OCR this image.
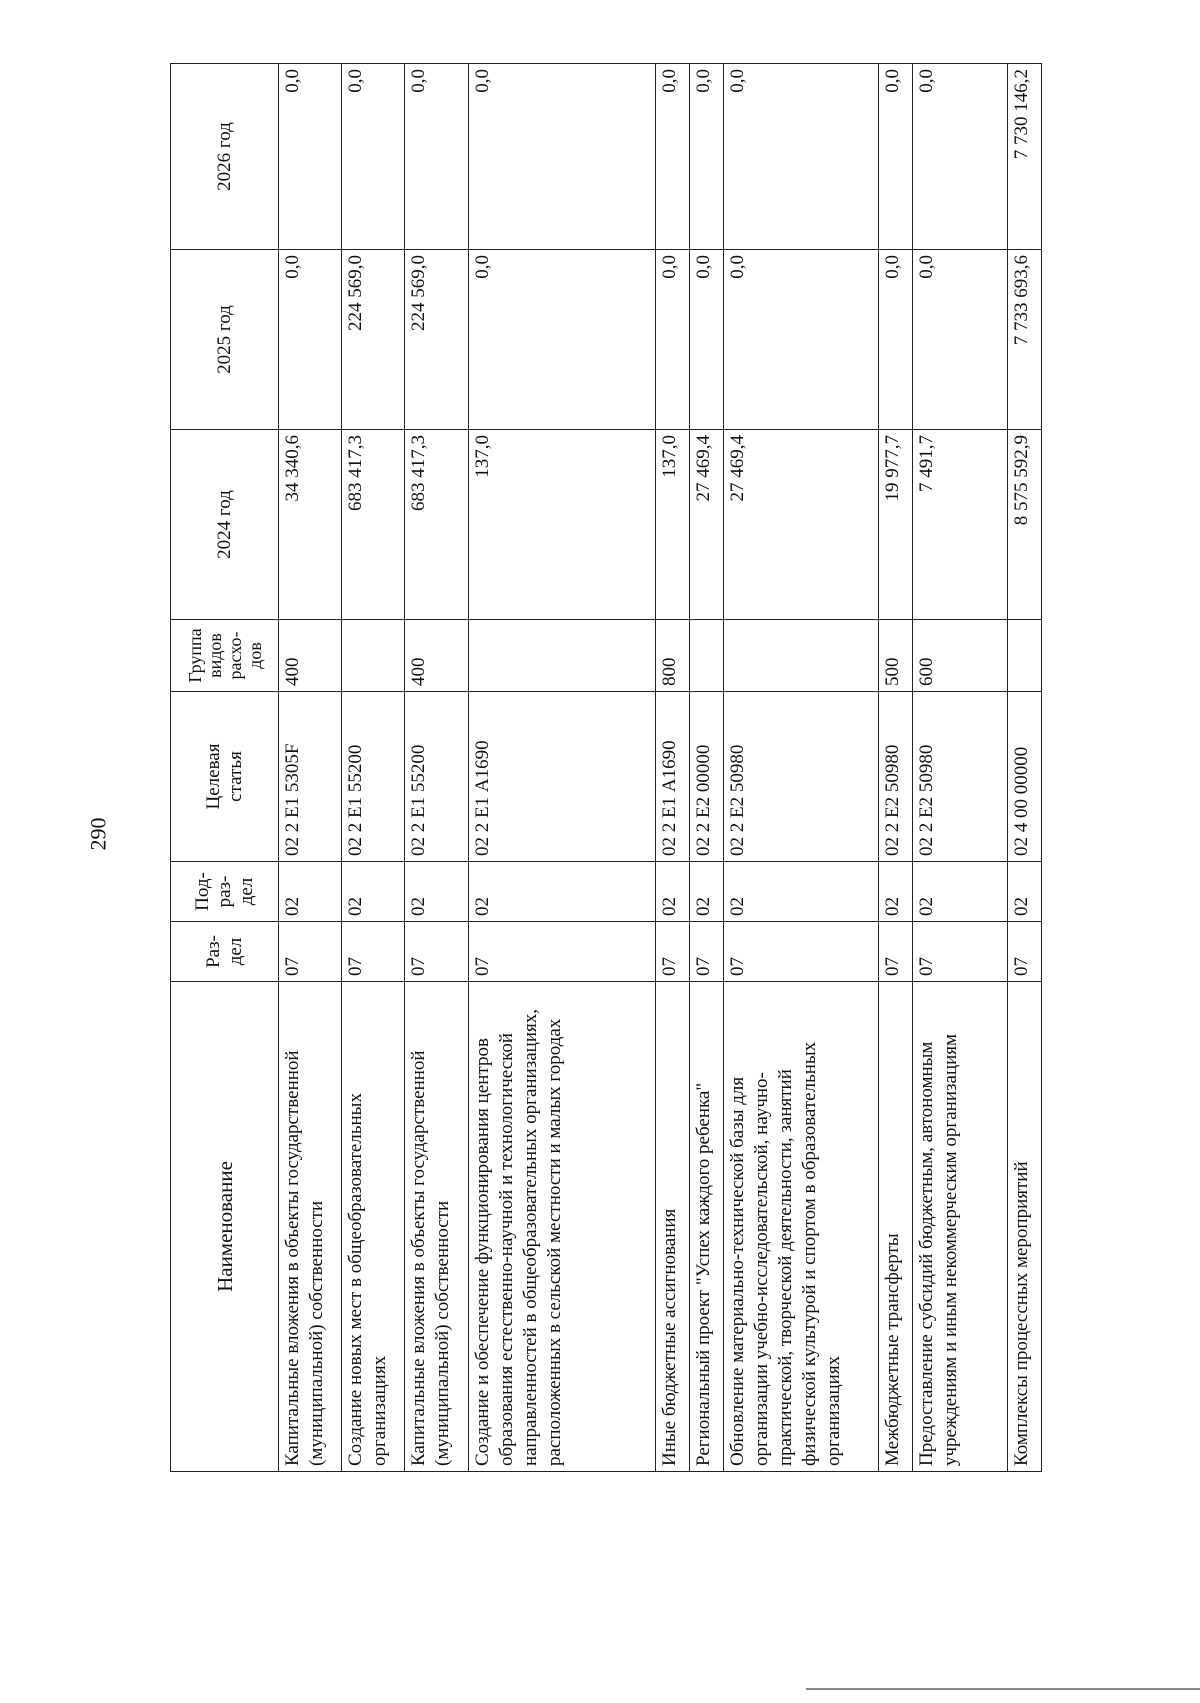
290
Наименование	Раз-
дел	Под-
раз-
дел	Целевая
статья	Группа
видов
расхо-
дов	2024 год	2025 год	2026 год
Капитальные вложения в объекты государственной (муниципальной) собственности	07	02	02 2 Е1 5305F	400	34 340,6	0,0	0,0
Создание новых мест в общеобразовательных организациях	07	02	02 2 Е1 55200		683 417,3	224 569,0	0,0
Капитальные вложения в объекты государственной (муниципальной) собственности	07	02	02 2 Е1 55200	400	683 417,3	224 569,0	0,0
Создание и обеспечение функционирования центров образования естественно-научной и технологической направленностей в общеобразовательных организациях, расположенных в сельской местности и малых городах	07	02	02 2 Е1 А1690		137,0	0,0	0,0
Иные бюджетные ассигнования	07	02	02 2 Е1 А1690	800	137,0	0,0	0,0
Региональный проект "Успех каждого ребенка"	07	02	02 2 Е2 00000		27 469,4	0,0	0,0
Обновление материально-технической базы для организации учебно-исследовательской, научно-практической, творческой деятельности, занятий физической культурой и спортом в образовательных организациях	07	02	02 2 Е2 50980		27 469,4	0,0	0,0
Межбюджетные трансферты	07	02	02 2 Е2 50980	500	19 977,7	0,0	0,0
Предоставление субсидий бюджетным, автономным учреждениям и иным некоммерческим организациям	07	02	02 2 Е2 50980	600	7 491,7	0,0	0,0
Комплексы процессных мероприятий	07	02	02 4 00 00000		8 575 592,9	7 733 693,6	7 730 146,2
